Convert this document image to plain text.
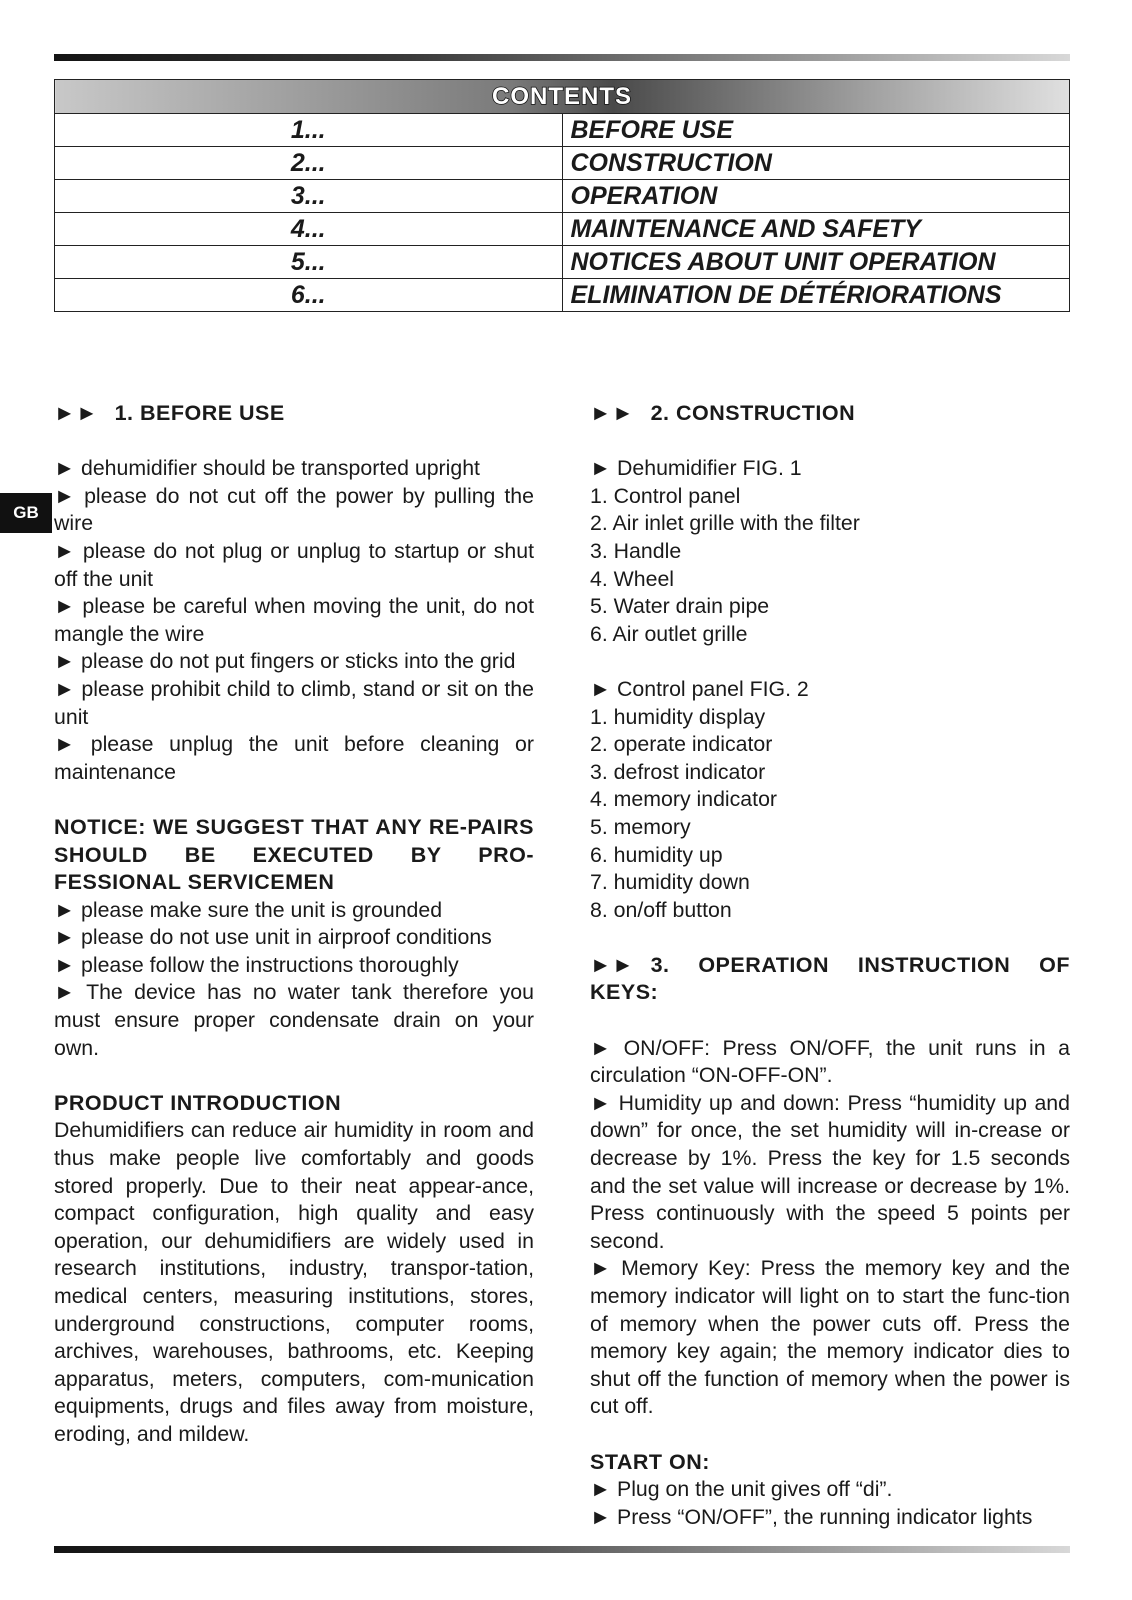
CONTENTS	
1...	BEFORE USE
2...	CONSTRUCTION
3...	OPERATION
4...	MAINTENANCE AND SAFETY
5...	NOTICES ABOUT UNIT OPERATION
6...	ELIMINATION DE DÉTÉRIORATIONS
GB

►► 1. BEFORE USE

► dehumidifier should be transported upright

► please do not cut off the power by pulling the wire

► please do not plug or unplug to startup or shut off the unit

► please be careful when moving the unit, do not mangle the wire

► please do not put fingers or sticks into the grid

► please prohibit child to climb, stand or sit on the unit

► please unplug the unit before cleaning or maintenance

NOTICE: WE SUGGEST THAT ANY RE-PAIRS SHOULD BE EXECUTED BY PRO-FESSIONAL SERVICEMEN

► please make sure the unit is grounded

► please do not use unit in airproof conditions

► please follow the instructions thoroughly

► The device has no water tank therefore you must ensure proper condensate drain on your own.

PRODUCT INTRODUCTION

Dehumidifiers can reduce air humidity in room and thus make people live comfortably and goods stored properly. Due to their neat appear-ance, compact configuration, high quality and easy operation, our dehumidifiers are widely used in research institutions, industry, transpor-tation, medical centers, measuring institutions, stores, underground constructions, computer rooms, archives, warehouses, bathrooms, etc. Keeping apparatus, meters, computers, com-munication equipments, drugs and files away from moisture, eroding, and mildew.

►► 2. CONSTRUCTION

► Dehumidifier FIG. 1

1. Control panel

2. Air inlet grille with the filter

3. Handle

4. Wheel

5. Water drain pipe

6. Air outlet grille

► Control panel FIG. 2

1. humidity display

2. operate indicator

3. defrost indicator

4. memory indicator

5. memory

6. humidity up

7. humidity down

8. on/off button

►► 3. OPERATION INSTRUCTION OF KEYS:

► ON/OFF: Press ON/OFF, the unit runs in a circulation “ON-OFF-ON”.

► Humidity up and down: Press “humidity up and down” for once, the set humidity will in-crease or decrease by 1%. Press the key for 1.5 seconds and the set value will increase or decrease by 1%. Press continuously with the speed 5 points per second.

► Memory Key: Press the memory key and the memory indicator will light on to start the func-tion of memory when the power cuts off. Press the memory key again; the memory indicator dies to shut off the function of memory when the power is cut off.

START ON:

► Plug on the unit gives off “di”.

► Press “ON/OFF”, the running indicator lights
